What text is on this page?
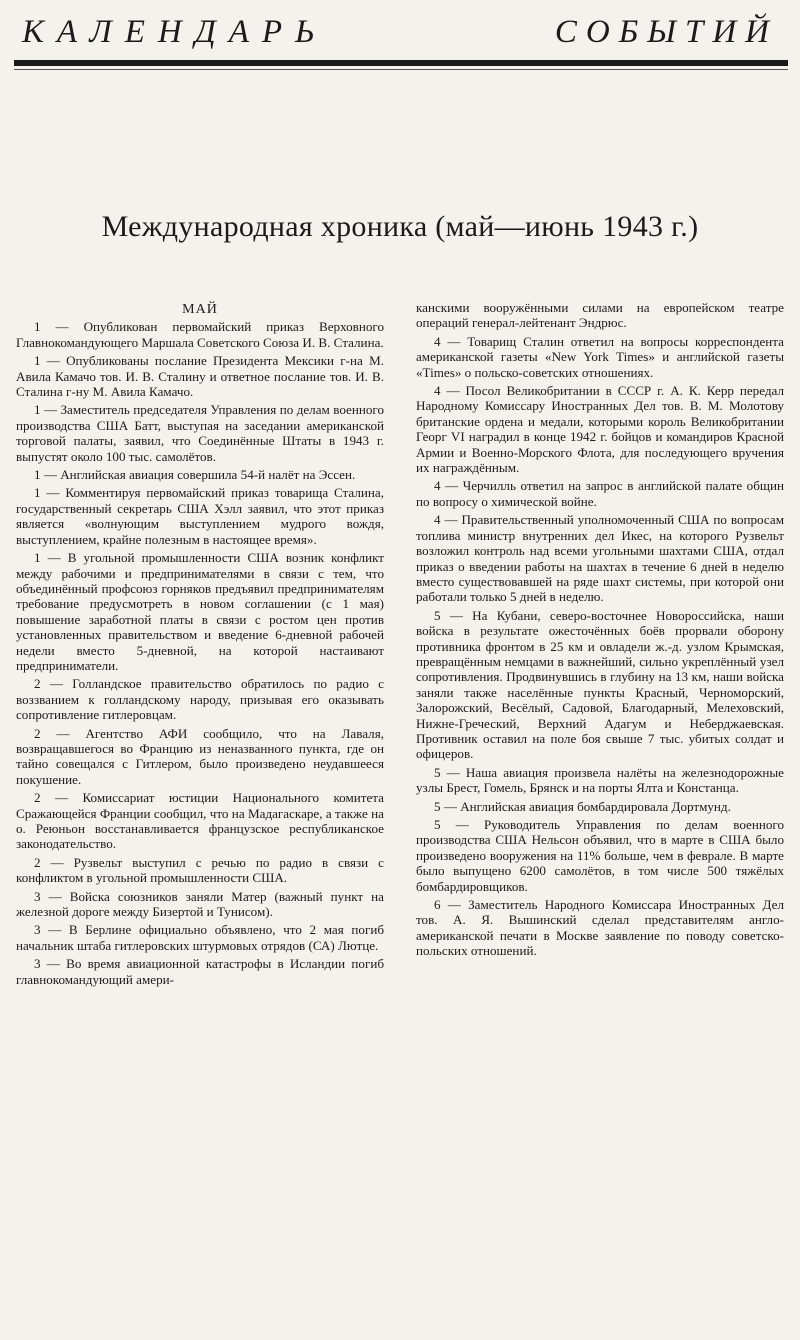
КАЛЕНДАРЬ	СОБЫТИЙ
Международная хроника (май—июнь 1943 г.)
МАЙ

1 — Опубликован первомайский приказ Верховного Главнокомандующего Маршала Советского Союза И. В. Сталина.

1 — Опубликованы послание Президента Мексики г-на М. Авила Камачо тов. И. В. Сталину и ответное послание тов. И. В. Сталина г-ну М. Авила Камачо.

1 — Заместитель председателя Управления по делам военного производства США Батт, выступая на заседании американской торговой палаты, заявил, что Соединённые Штаты в 1943 г. выпустят около 100 тыс. самолётов.

1 — Английская авиация совершила 54-й налёт на Эссен.

1 — Комментируя первомайский приказ товарища Сталина, государственный секретарь США Хэлл заявил, что этот приказ является «волнующим выступлением мудрого вождя, выступлением, крайне полезным в настоящее время».

1 — В угольной промышленности США возник конфликт между рабочими и предпринимателями в связи с тем, что объединённый профсоюз горняков предъявил предпринимателям требование предусмотреть в новом соглашении (с 1 мая) повышение заработной платы в связи с ростом цен против установленных правительством и введение 6-дневной рабочей недели вместо 5-дневной, на которой настаивают предприниматели.

2 — Голландское правительство обратилось по радио с воззванием к голландскому народу, призывая его оказывать сопротивление гитлеровцам.

2 — Агентство АФИ сообщило, что на Лаваля, возвращавшегося во Францию из неназванного пункта, где он тайно совещался с Гитлером, было произведено неудавшееся покушение.

2 — Комиссариат юстиции Национального комитета Сражающейся Франции сообщил, что на Мадагаскаре, а также на о. Реюньон восстанавливается французское республиканское законодательство.

2 — Рузвельт выступил с речью по радио в связи с конфликтом в угольной промышленности США.

3 — Войска союзников заняли Матер (важный пункт на железной дороге между Бизертой и Тунисом).

3 — В Берлине официально объявлено, что 2 мая погиб начальник штаба гитлеровских штурмовых отрядов (СА) Лютце.

3 — Во время авиационной катастрофы в Исландии погиб главнокомандующий амери-

канскими вооружёнными силами на европейском театре операций генерал-лейтенант Эндрюс.

4 — Товарищ Сталин ответил на вопросы корреспондента американской газеты «New York Times» и английской газеты «Times» о польско-советских отношениях.

4 — Посол Великобритании в СССР г. А. К. Керр передал Народному Комиссару Иностранных Дел тов. В. М. Молотову британские ордена и медали, которыми король Великобритании Георг VI наградил в конце 1942 г. бойцов и командиров Красной Армии и Военно-Морского Флота, для последующего вручения их награждённым.

4 — Черчилль ответил на запрос в английской палате общин по вопросу о химической войне.

4 — Правительственный уполномоченный США по вопросам топлива министр внутренних дел Икес, на которого Рузвельт возложил контроль над всеми угольными шахтами США, отдал приказ о введении работы на шахтах в течение 6 дней в неделю вместо существовавшей на ряде шахт системы, при которой они работали только 5 дней в неделю.

5 — На Кубани, северо-восточнее Новороссийска, наши войска в результате ожесточённых боёв прорвали оборону противника фронтом в 25 км и овладели ж.-д. узлом Крымская, превращённым немцами в важнейший, сильно укреплённый узел сопротивления. Продвинувшись в глубину на 13 км, наши войска заняли также населённые пункты Красный, Черноморский, Залорожский, Весёлый, Садовой, Благодарный, Мелеховский, Нижне-Греческий, Верхний Адагум и Неберджаевская. Противник оставил на поле боя свыше 7 тыс. убитых солдат и офицеров.

5 — Наша авиация произвела налёты на железнодорожные узлы Брест, Гомель, Брянск и на порты Ялта и Констанца.

5 — Английская авиация бомбардировала Дортмунд.

5 — Руководитель Управления по делам военного производства США Нельсон объявил, что в марте в США было произведено вооружения на 11% больше, чем в феврале. В марте было выпущено 6200 самолётов, в том числе 500 тяжёлых бомбардировщиков.

6 — Заместитель Народного Комиссара Иностранных Дел тов. А. Я. Вышинский сделал представителям англо-американской печати в Москве заявление по поводу советско-польских отношений.
